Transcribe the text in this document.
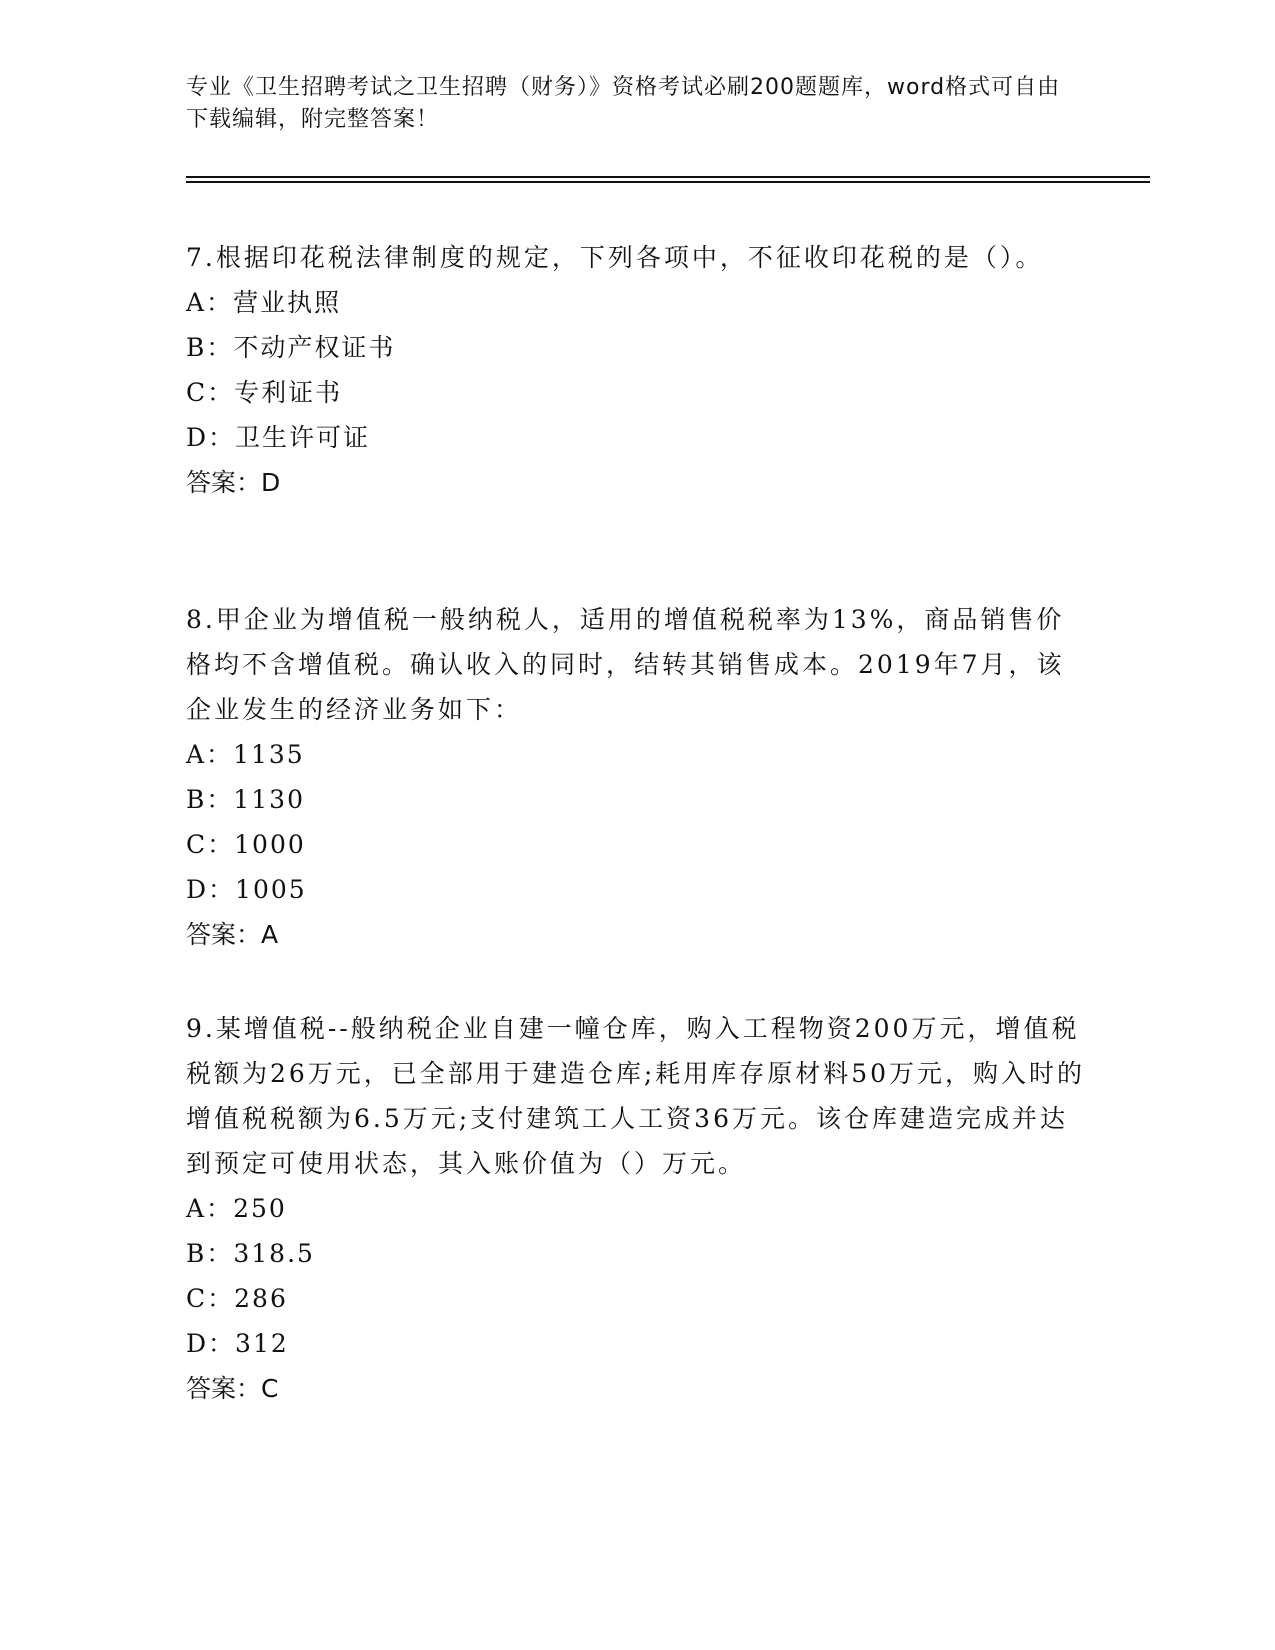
专业《卫生招聘考试之卫生招聘（财务）》资格考试必刷200题题库，word格式可自由下载编辑，附完整答案！

7.根据印花税法律制度的规定，下列各项中，不征收印花税的是（）。

A：营业执照

B：不动产权证书

C：专利证书

D：卫生许可证

答案：D

8.甲企业为增值税一般纳税人，适用的增值税税率为13%，商品销售价格均不含增值税。确认收入的同时，结转其销售成本。2019年7月，该企业发生的经济业务如下：

A：1135

B：1130

C：1000

D：1005

答案：A

9.某增值税--般纳税企业自建一幢仓库，购入工程物资200万元，增值税税额为26万元，已全部用于建造仓库;耗用库存原材料50万元，购入时的增值税税额为6.5万元;支付建筑工人工资36万元。该仓库建造完成并达到预定可使用状态，其入账价值为（）万元。

A：250

B：318.5

C：286

D：312

答案：C
